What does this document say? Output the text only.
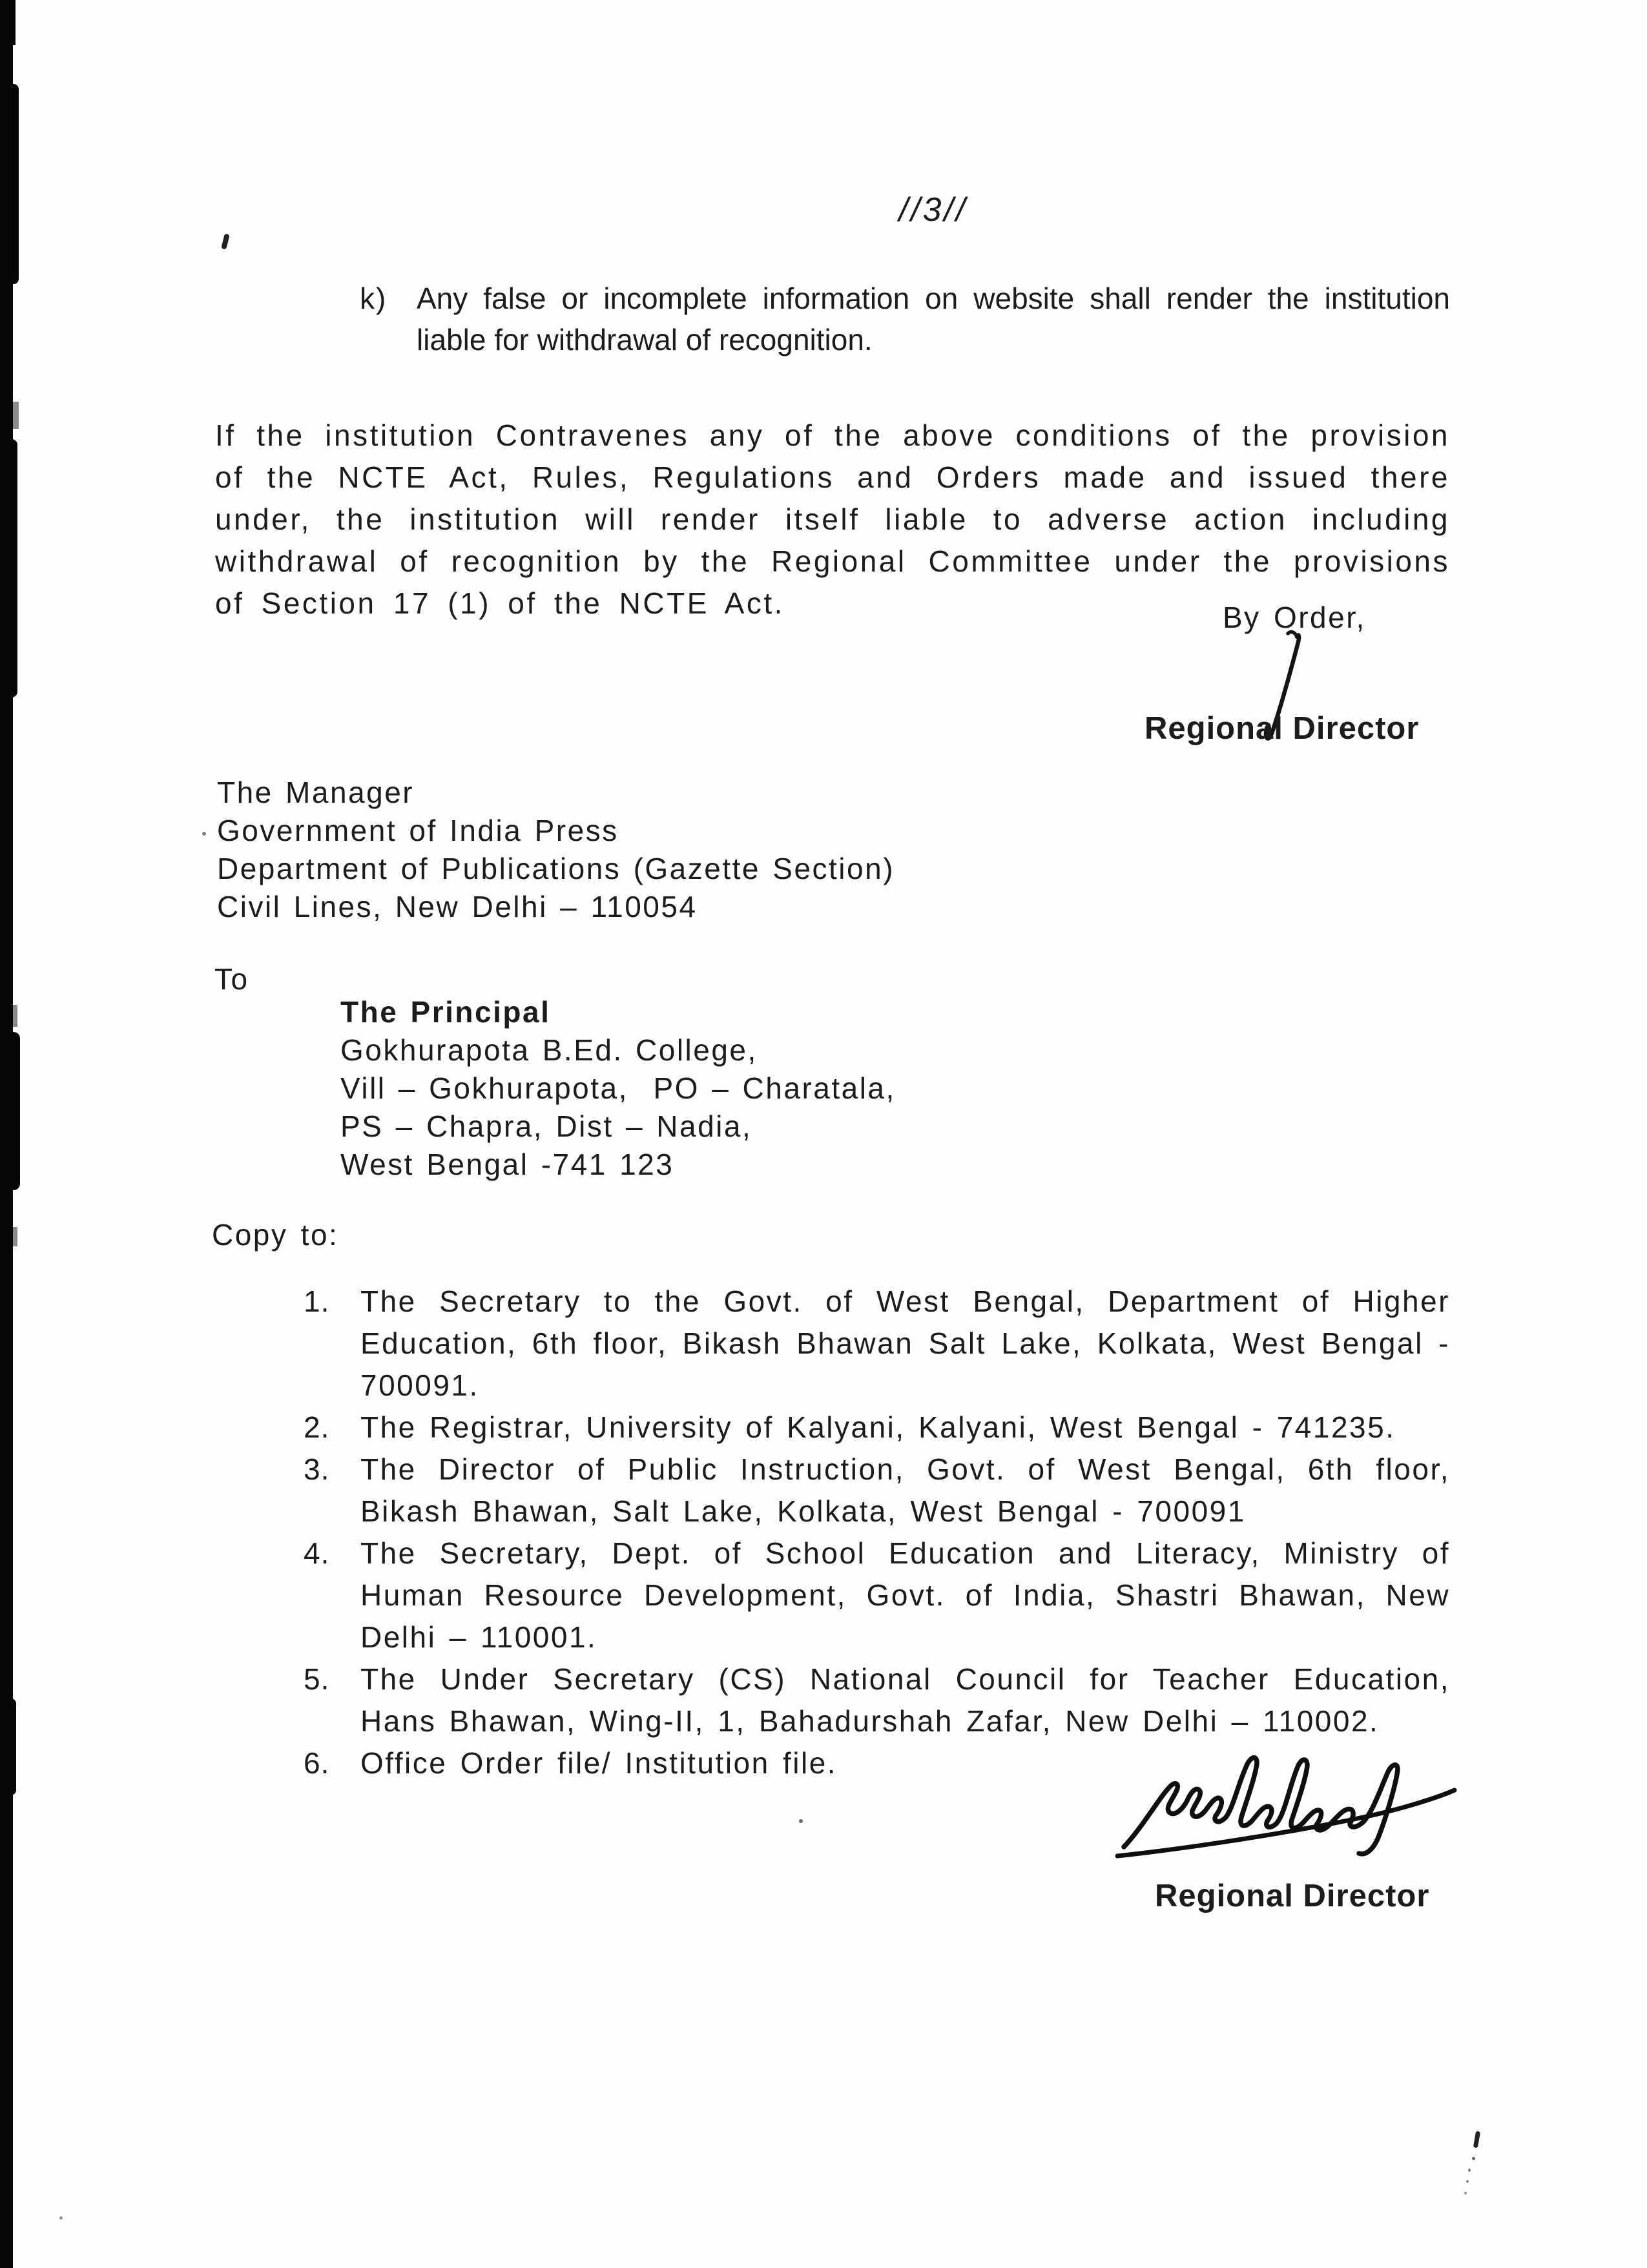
//3//
k) Any false or incomplete information on website shall render the institution liable for withdrawal of recognition.
If the institution Contravenes any of the above conditions of the provision of the NCTE Act, Rules, Regulations and Orders made and issued there under, the institution will render itself liable to adverse action including withdrawal of recognition by the Regional Committee under the provisions of Section 17 (1) of the NCTE Act.	By Order,
Regional Director
The Manager
Government of India Press
Department of Publications (Gazette Section)
Civil Lines, New Delhi – 110054
To
The Principal
Gokhurapota B.Ed. College,
Vill – Gokhurapota,  PO – Charatala,
PS – Chapra, Dist – Nadia,
West Bengal -741 123
Copy to:
1.	The Secretary to the Govt. of West Bengal, Department of Higher Education, 6th floor, Bikash Bhawan Salt Lake, Kolkata, West Bengal - 700091.
2.	The Registrar, University of Kalyani, Kalyani, West Bengal - 741235.
3.	The Director of Public Instruction, Govt. of West Bengal, 6th floor, Bikash Bhawan, Salt Lake, Kolkata, West Bengal - 700091
4.	The Secretary, Dept. of School Education and Literacy, Ministry of Human Resource Development, Govt. of India, Shastri Bhawan, New Delhi – 110001.
5.	The Under Secretary (CS) National Council for Teacher Education, Hans Bhawan, Wing-II, 1, Bahadurshah Zafar, New Delhi – 110002.
6.	Office Order file/ Institution file.
Regional Director
